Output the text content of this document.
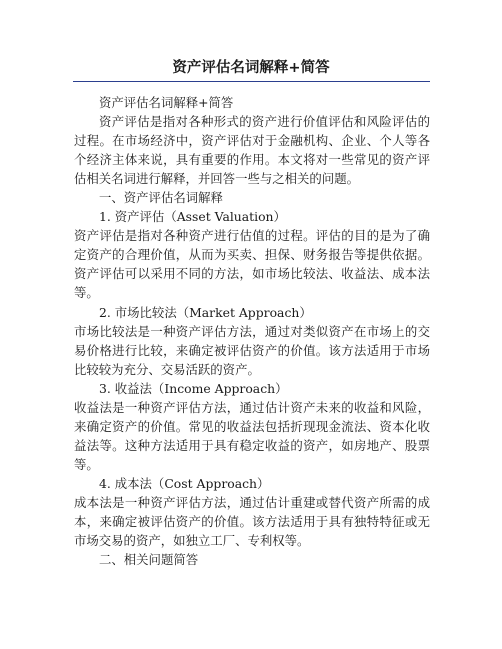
资产评估名词解释+简答

资产评估名词解释+简答

资产评估是指对各种形式的资产进行价值评估和风险评估的过程。在市场经济中，资产评估对于金融机构、企业、个人等各个经济主体来说，具有重要的作用。本文将对一些常见的资产评估相关名词进行解释，并回答一些与之相关的问题。

一、资产评估名词解释

1. 资产评估（Asset Valuation）

资产评估是指对各种资产进行估值的过程。评估的目的是为了确定资产的合理价值，从而为买卖、担保、财务报告等提供依据。资产评估可以采用不同的方法，如市场比较法、收益法、成本法等。

2. 市场比较法（Market Approach）

市场比较法是一种资产评估方法，通过对类似资产在市场上的交易价格进行比较，来确定被评估资产的价值。该方法适用于市场比较较为充分、交易活跃的资产。

3. 收益法（Income Approach）

收益法是一种资产评估方法，通过估计资产未来的收益和风险，来确定资产的价值。常见的收益法包括折现现金流法、资本化收益法等。这种方法适用于具有稳定收益的资产，如房地产、股票等。

4. 成本法（Cost Approach）

成本法是一种资产评估方法，通过估计重建或替代资产所需的成本，来确定被评估资产的价值。该方法适用于具有独特特征或无市场交易的资产，如独立工厂、专利权等。

二、相关问题简答
